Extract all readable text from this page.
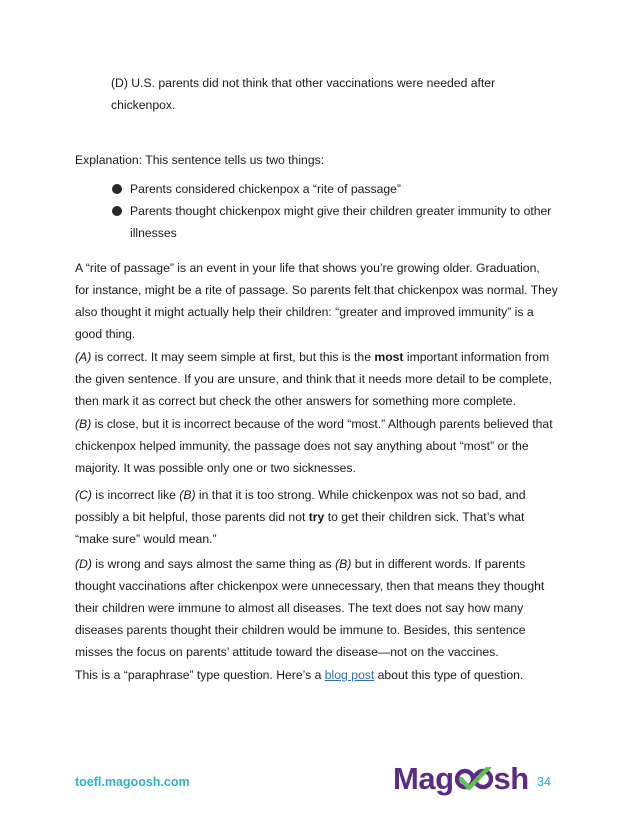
(D) U.S. parents did not think that other vaccinations were needed after
chickenpox.
Explanation: This sentence tells us two things:
Parents considered chickenpox a “rite of passage”
Parents thought chickenpox might give their children greater immunity to other
illnesses
A “rite of passage” is an event in your life that shows you’re growing older. Graduation,
for instance, might be a rite of passage. So parents felt that chickenpox was normal. They
also thought it might actually help their children: “greater and improved immunity” is a
good thing.
(A) is correct. It may seem simple at first, but this is the most important information from
the given sentence. If you are unsure, and think that it needs more detail to be complete,
then mark it as correct but check the other answers for something more complete.
(B) is close, but it is incorrect because of the word “most.” Although parents believed that
chickenpox helped immunity, the passage does not say anything about “most” or the
majority. It was possible only one or two sicknesses.
(C) is incorrect like (B) in that it is too strong. While chickenpox was not so bad, and
possibly a bit helpful, those parents did not try to get their children sick. That’s what
“make sure” would mean.”
(D) is wrong and says almost the same thing as (B) but in different words. If parents
thought vaccinations after chickenpox were unnecessary, then that means they thought
their children were immune to almost all diseases. The text does not say how many
diseases parents thought their children would be immune to. Besides, this sentence
misses the focus on parents’ attitude toward the disease—not on the vaccines.
This is a “paraphrase” type question. Here’s a blog post about this type of question.
toefl.magoosh.com	Mag sh 34
